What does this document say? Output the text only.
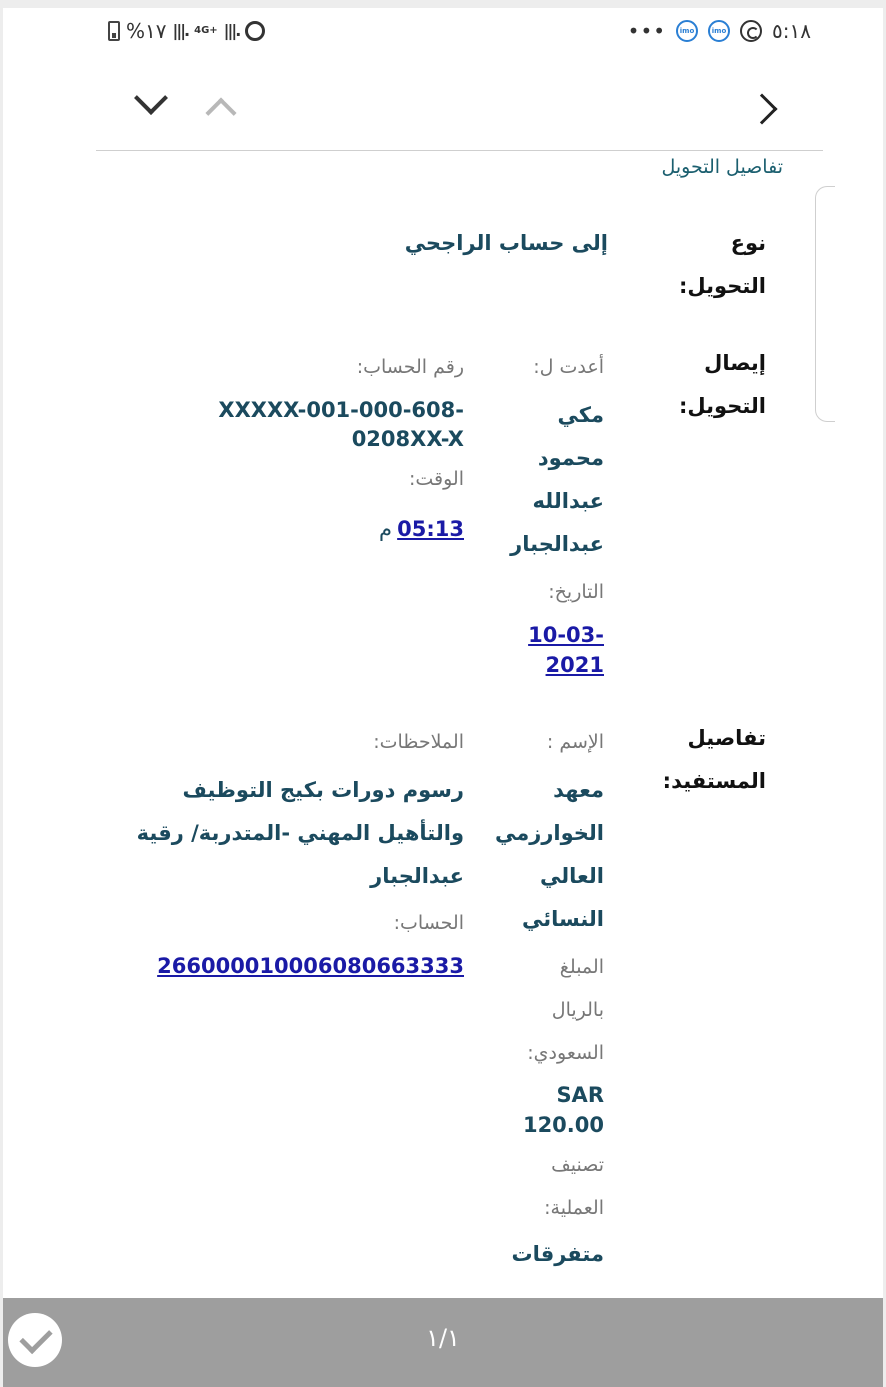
%١٧ |||. 4G+ |||.	•••	imo	imo ٥:١٨
تفاصيل التحويل
نوع
التحويل:
إلى حساب الراجحي
إيصال
التحويل:
أعدت ل:
مكي
محمود
عبدالله
عبدالجبار
رقم الحساب:
XXXXX-001-000-608-
0208XX-X
الوقت:
05:13 م
التاريخ:
10-03-
2021
تفاصيل
المستفيد:
الإسم :
معهد
الخوارزمي
العالي
النسائي
المبلغ
بالريال
السعودي:
SAR
120.00
تصنيف
العملية:
متفرقات
الملاحظات:
رسوم دورات بكيج التوظيف
والتأهيل المهني -المتدربة/ رقية
عبدالجبار
الحساب:
266000010006080663333
١/١
